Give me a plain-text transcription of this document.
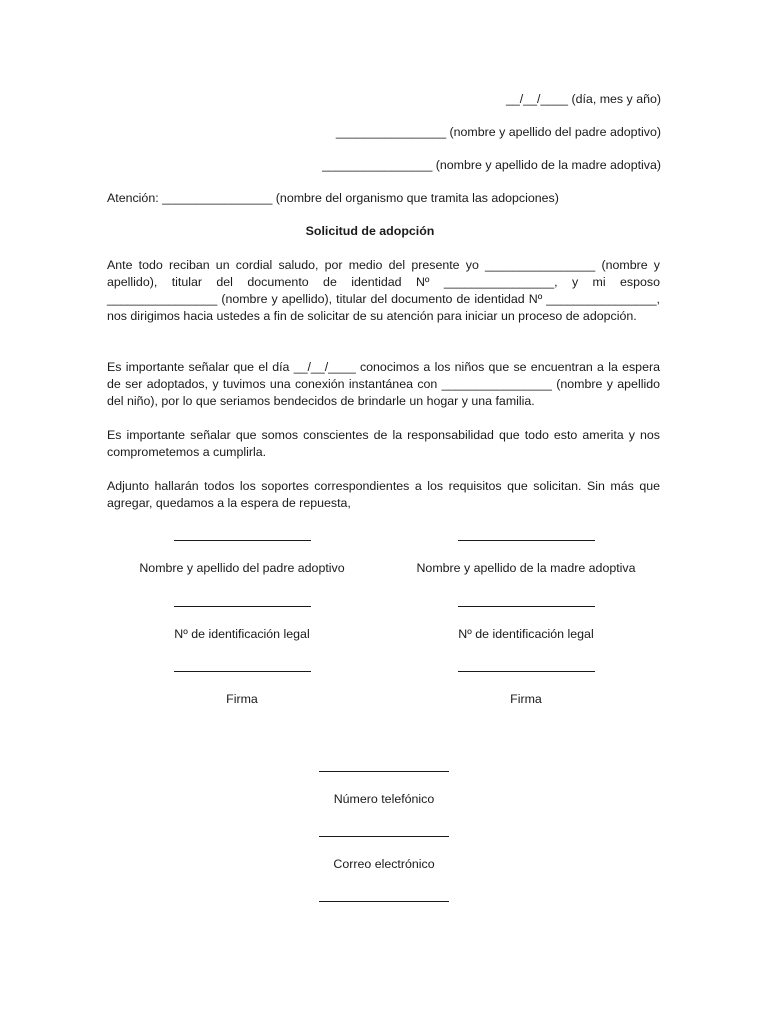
__/__/____ (día, mes y año)
________________ (nombre y apellido del padre adoptivo)
________________ (nombre y apellido de la madre adoptiva)
Atención: ________________ (nombre del organismo que tramita las adopciones)
Solicitud de adopción
Ante todo reciban un cordial saludo, por medio del presente yo ________________ (nombre y apellido), titular del documento de identidad Nº ________________, y mi esposo ________________ (nombre y apellido), titular del documento de identidad Nº ________________, nos dirigimos hacia ustedes a fin de solicitar de su atención para iniciar un proceso de adopción.
Es importante señalar que el día __/__/____ conocimos a los niños que se encuentran a la espera de ser adoptados, y tuvimos una conexión instantánea con ________________ (nombre y apellido del niño), por lo que seriamos bendecidos de brindarle un hogar y una familia.
Es importante señalar que somos conscientes de la responsabilidad que todo esto amerita y nos comprometemos a cumplirla.
Adjunto hallarán todos los soportes correspondientes a los requisitos que solicitan. Sin más que agregar, quedamos a la espera de repuesta,
Nombre y apellido del padre adoptivo
Nº de identificación legal
Firma
Nombre y apellido de la madre adoptiva
Nº de identificación legal
Firma
Número telefónico
Correo electrónico
